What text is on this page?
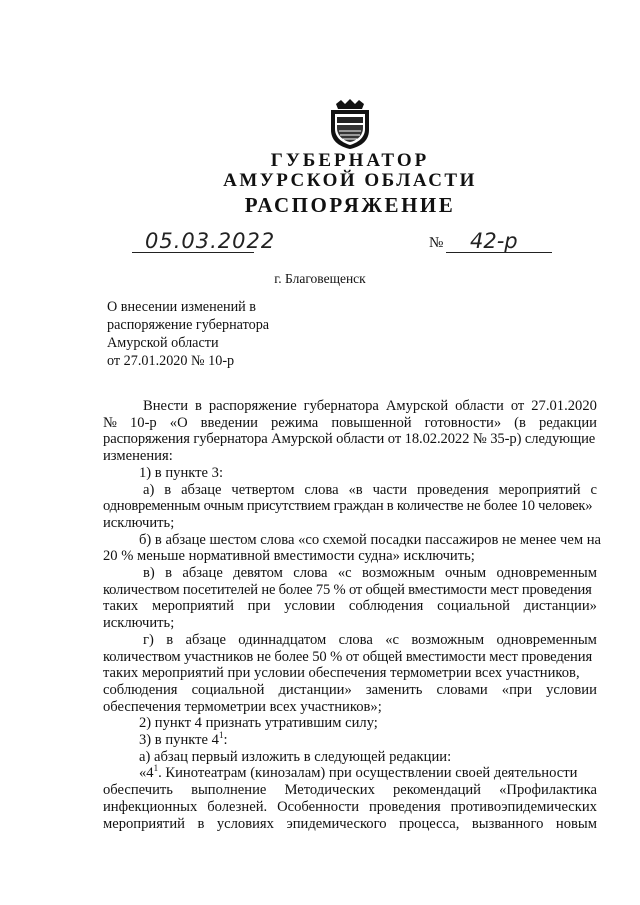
ГУБЕРНАТОР
АМУРСКОЙ ОБЛАСТИ
РАСПОРЯЖЕНИЕ
05.03.2022	№ 42-р
г. Благовещенск
О внесении изменений в
распоряжение губернатора
Амурской области
от 27.01.2020 № 10-р
Внести в распоряжение губернатора Амурской области от 27.01.2020
№ 10-р «О введении режима повышенной готовности» (в редакции
распоряжения губернатора Амурской области от 18.02.2022 № 35-р) следующие
изменения:
1) в пункте 3:
а) в абзаце четвертом слова «в части проведения мероприятий с
одновременным очным присутствием граждан в количестве не более 10 человек»
исключить;
б) в абзаце шестом слова «со схемой посадки пассажиров не менее чем на
20 % меньше нормативной вместимости судна» исключить;
в) в абзаце девятом слова «с возможным очным одновременным
количеством посетителей не более 75 % от общей вместимости мест проведения
таких мероприятий при условии соблюдения социальной дистанции»
исключить;
г) в абзаце одиннадцатом слова «с возможным одновременным
количеством участников не более 50 % от общей вместимости мест проведения
таких мероприятий при условии обеспечения термометрии всех участников,
соблюдения социальной дистанции» заменить словами «при условии
обеспечения термометрии всех участников»;
2) пункт 4 признать утратившим силу;
3) в пункте $4^1$:
а) абзац первый изложить в следующей редакции:
«$4^1$. Кинотеатрам (кинозалам) при осуществлении своей деятельности
обеспечить выполнение Методических рекомендаций «Профилактика
инфекционных болезней. Особенности проведения противоэпидемических
мероприятий в условиях эпидемического процесса, вызванного новым
